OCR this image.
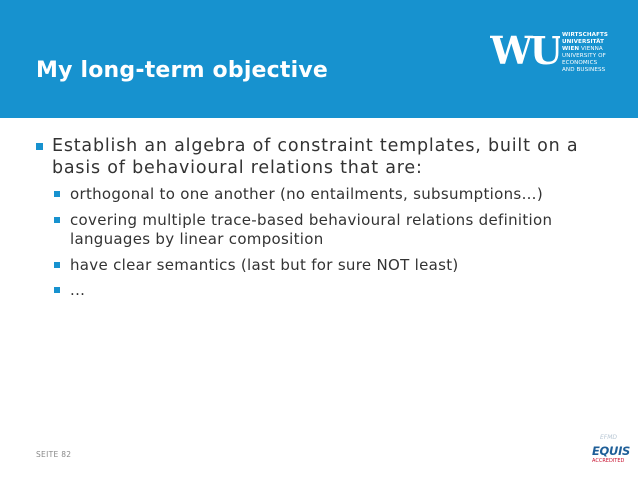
My long-term objective	WU WIRTSCHAFTS
UNIVERSITÄT
WIEN VIENNA
UNIVERSITY OF
ECONOMICS
AND BUSINESS
Establish an algebra of constraint templates, built on a basis of behavioural relations that are:
orthogonal to one another (no entailments, subsumptions…)
covering multiple trace-based behavioural relations definition languages by linear composition
have clear semantics (last but for sure NOT least)
...
SEITE 82
EFMD
EQUIS
ACCREDITED
